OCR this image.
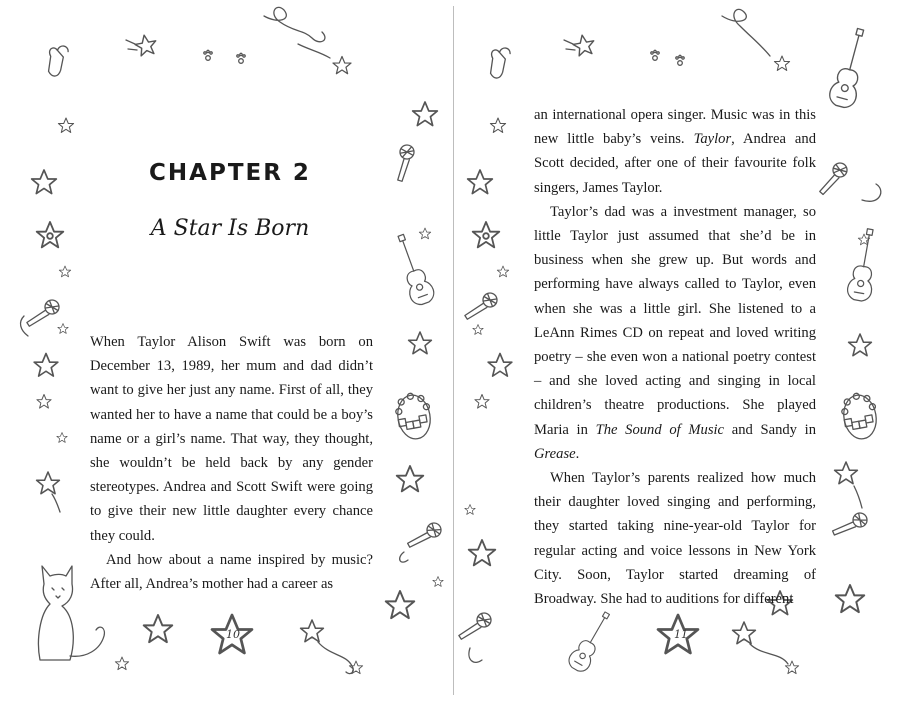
CHAPTER 2
A Star Is Born

When Taylor Alison Swift was born on December 13, 1989, her mum and dad didn’t want to give her just any name. First of all, they wanted her to have a name that could be a boy’s name or a girl’s name. That way, they thought, she wouldn’t be held back by any gender stereotypes. Andrea and Scott Swift were going to give their new little daughter every chance they could.

And how about a name inspired by music? After all, Andrea’s mother had a career as

an international opera singer. Music was in this new little baby’s veins. Taylor, Andrea and Scott decided, after one of their favourite folk singers, James Taylor.

Taylor’s dad was a investment manager, so little Taylor just assumed that she’d be in business when she grew up. But words and performing have always called to Taylor, even when she was a little girl. She listened to a LeAnn Rimes CD on repeat and loved writing poetry – she even won a national poetry contest – and she loved acting and singing in local children’s theatre productions. She played Maria in The Sound of Music and Sandy in Grease.

When Taylor’s parents realized how much their daughter loved singing and performing, they started taking nine-year-old Taylor for regular acting and voice lessons in New York City. Soon, Taylor started dreaming of Broadway. She had to auditions for different

10	11
